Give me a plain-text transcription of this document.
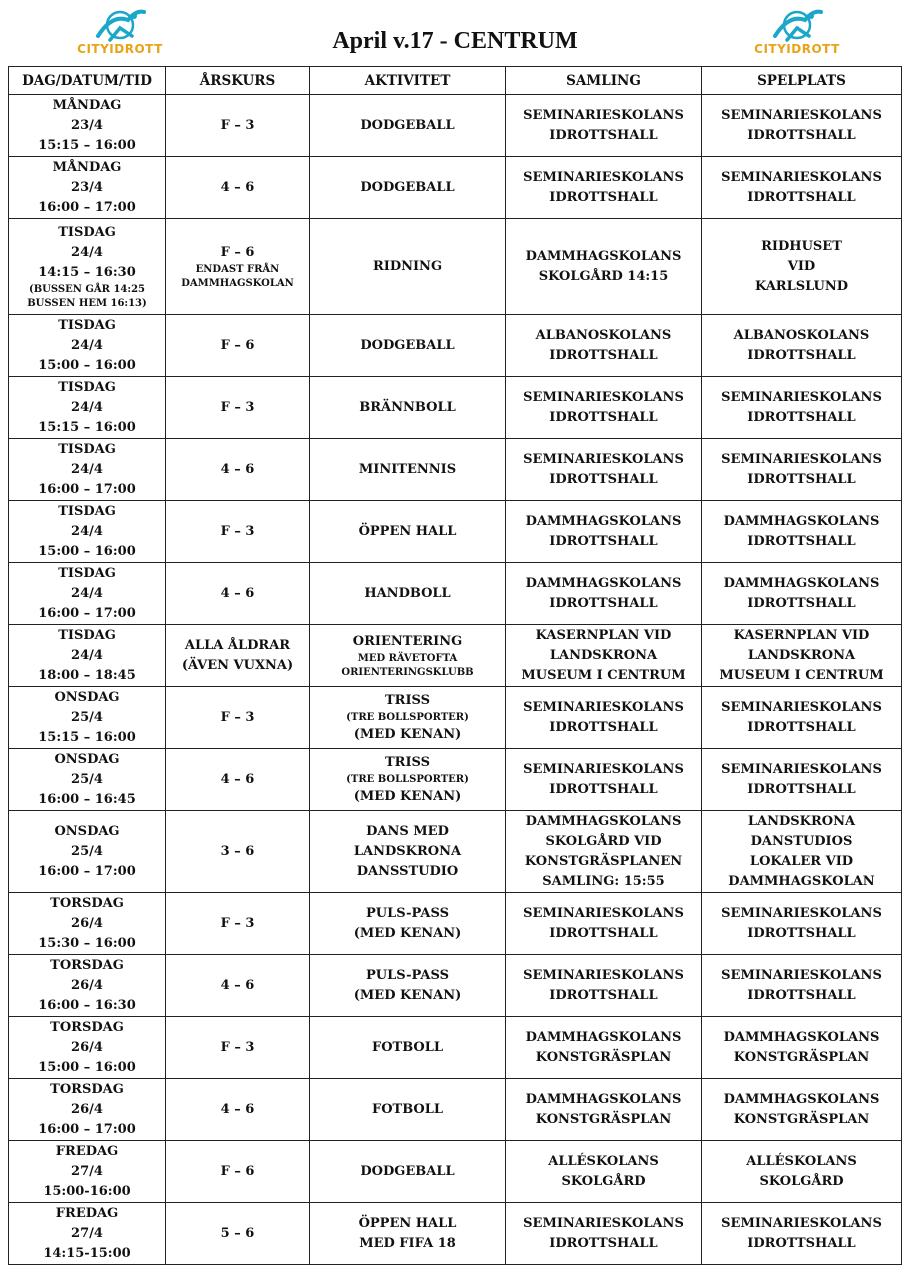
CITYIDROTT	April v.17 - CENTRUM	CITYIDROTT
DAG/DATUM/TID	ÅRSKURS	AKTIVITET	SAMLING	SPELPLATS

MÅNDAG
23/4
15:15 – 16:00	F – 3	DODGEBALL	SEMINARIESKOLANS
IDROTTSHALL	SEMINARIESKOLANS
IDROTTSHALL

MÅNDAG
23/4
16:00 – 17:00	4 – 6	DODGEBALL	SEMINARIESKOLANS
IDROTTSHALL	SEMINARIESKOLANS
IDROTTSHALL

TISDAG
24/4
14:15 – 16:30
(BUSSEN GÅR 14:25
BUSSEN HEM 16:13)	F – 6
ENDAST FRÅN
DAMMHAGSKOLAN	RIDNING	DAMMHAGSKOLANS
SKOLGÅRD 14:15	RIDHUSET
VID
KARLSLUND

TISDAG
24/4
15:00 – 16:00	F – 6	DODGEBALL	ALBANOSKOLANS
IDROTTSHALL	ALBANOSKOLANS
IDROTTSHALL

TISDAG
24/4
15:15 – 16:00	F – 3	BRÄNNBOLL	SEMINARIESKOLANS
IDROTTSHALL	SEMINARIESKOLANS
IDROTTSHALL

TISDAG
24/4
16:00 – 17:00	4 – 6	MINITENNIS	SEMINARIESKOLANS
IDROTTSHALL	SEMINARIESKOLANS
IDROTTSHALL

TISDAG
24/4
15:00 – 16:00	F – 3	ÖPPEN HALL	DAMMHAGSKOLANS
IDROTTSHALL	DAMMHAGSKOLANS
IDROTTSHALL

TISDAG
24/4
16:00 – 17:00	4 – 6	HANDBOLL	DAMMHAGSKOLANS
IDROTTSHALL	DAMMHAGSKOLANS
IDROTTSHALL

TISDAG
24/4
18:00 – 18:45	ALLA ÅLDRAR
(ÄVEN VUXNA)	ORIENTERING
MED RÄVETOFTA
ORIENTERINGSKLUBB	KASERNPLAN VID
LANDSKRONA
MUSEUM I CENTRUM	KASERNPLAN VID
LANDSKRONA
MUSEUM I CENTRUM

ONSDAG
25/4
15:15 – 16:00	F – 3	TRISS
(TRE BOLLSPORTER)
(MED KENAN)	SEMINARIESKOLANS
IDROTTSHALL	SEMINARIESKOLANS
IDROTTSHALL

ONSDAG
25/4
16:00 – 16:45	4 – 6	TRISS
(TRE BOLLSPORTER)
(MED KENAN)	SEMINARIESKOLANS
IDROTTSHALL	SEMINARIESKOLANS
IDROTTSHALL

ONSDAG
25/4
16:00 – 17:00	3 – 6	DANS MED
LANDSKRONA
DANSSTUDIO	DAMMHAGSKOLANS
SKOLGÅRD VID
KONSTGRÄSPLANEN
SAMLING: 15:55	LANDSKRONA
DANSTUDIOS
LOKALER VID
DAMMHAGSKOLAN

TORSDAG
26/4
15:30 – 16:00	F – 3	PULS-PASS
(MED KENAN)	SEMINARIESKOLANS
IDROTTSHALL	SEMINARIESKOLANS
IDROTTSHALL

TORSDAG
26/4
16:00 – 16:30	4 – 6	PULS-PASS
(MED KENAN)	SEMINARIESKOLANS
IDROTTSHALL	SEMINARIESKOLANS
IDROTTSHALL

TORSDAG
26/4
15:00 – 16:00	F – 3	FOTBOLL	DAMMHAGSKOLANS
KONSTGRÄSPLAN	DAMMHAGSKOLANS
KONSTGRÄSPLAN

TORSDAG
26/4
16:00 – 17:00	4 – 6	FOTBOLL	DAMMHAGSKOLANS
KONSTGRÄSPLAN	DAMMHAGSKOLANS
KONSTGRÄSPLAN

FREDAG
27/4
15:00-16:00	F – 6	DODGEBALL	ALLÉSKOLANS
SKOLGÅRD	ALLÉSKOLANS
SKOLGÅRD

FREDAG
27/4
14:15-15:00	5 – 6	ÖPPEN HALL
MED FIFA 18	SEMINARIESKOLANS
IDROTTSHALL	SEMINARIESKOLANS
IDROTTSHALL
